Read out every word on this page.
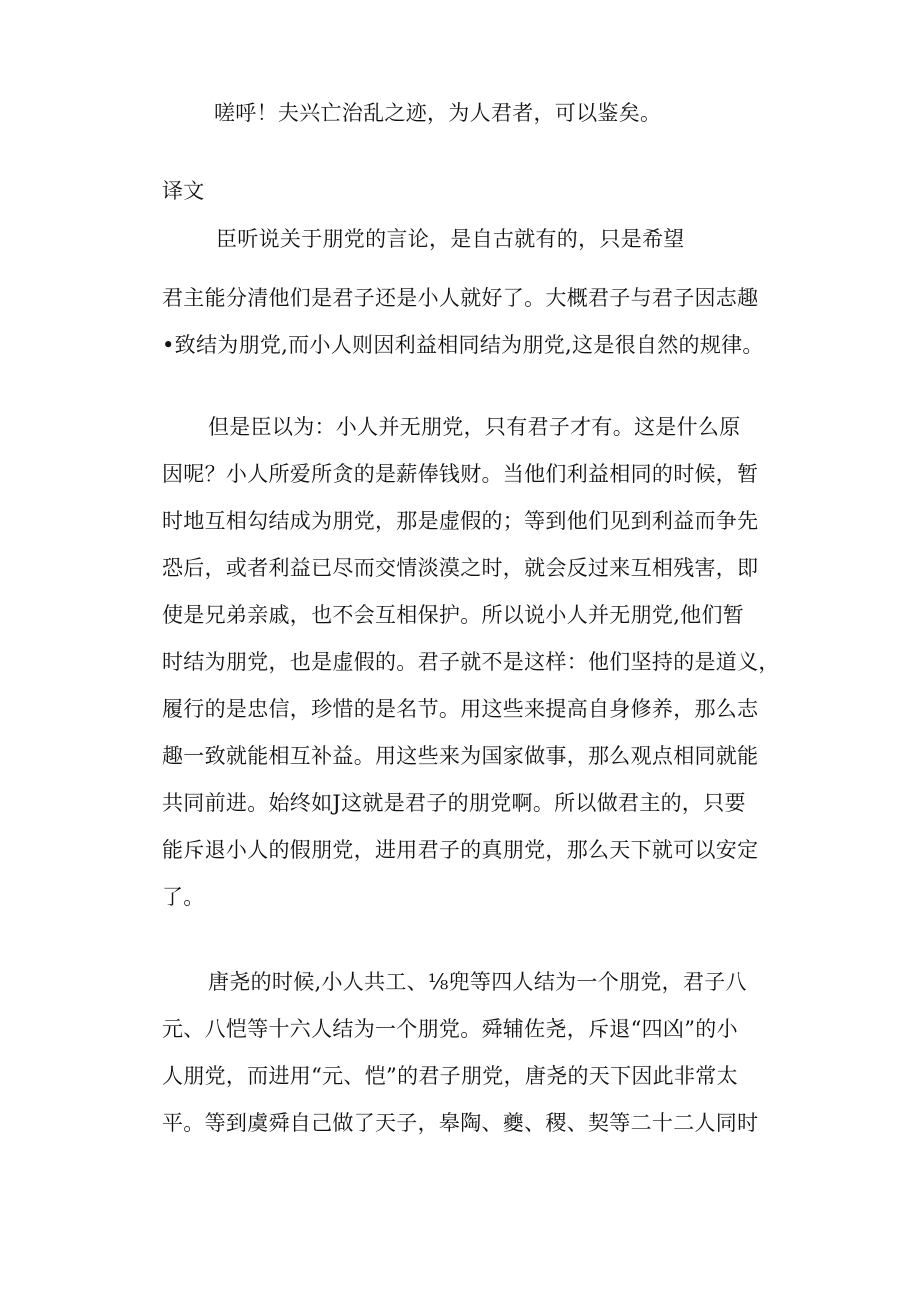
嗟呼！夫兴亡治乱之迹，为人君者，可以鉴矣。
译文
臣听说关于朋党的言论，是自古就有的，只是希望
君主能分清他们是君子还是小人就好了。大概君子与君子因志趣
•致结为朋党,而小人则因利益相同结为朋党,这是很自然的规律。
但是臣以为：小人并无朋党，只有君子才有。这是什么原
因呢？小人所爱所贪的是薪俸钱财。当他们利益相同的时候，暂
时地互相勾结成为朋党，那是虚假的；等到他们见到利益而争先
恐后，或者利益已尽而交情淡漠之时，就会反过来互相残害，即
使是兄弟亲戚，也不会互相保护。所以说小人并无朋党,他们暂
时结为朋党，也是虚假的。君子就不是这样：他们坚持的是道义，
履行的是忠信，珍惜的是名节。用这些来提高自身修养，那么志
趣一致就能相互补益。用这些来为国家做事，那么观点相同就能
共同前进。始终如J这就是君子的朋党啊。所以做君主的，只要
能斥退小人的假朋党，进用君子的真朋党，那么天下就可以安定
了。
唐尧的时候,小人共工、⅛兜等四人结为一个朋党，君子八
元、八恺等十六人结为一个朋党。舜辅佐尧，斥退“四凶”的小
人朋党，而进用“元、恺”的君子朋党，唐尧的天下因此非常太
平。等到虞舜自己做了天子，皋陶、夔、稷、契等二十二人同时
